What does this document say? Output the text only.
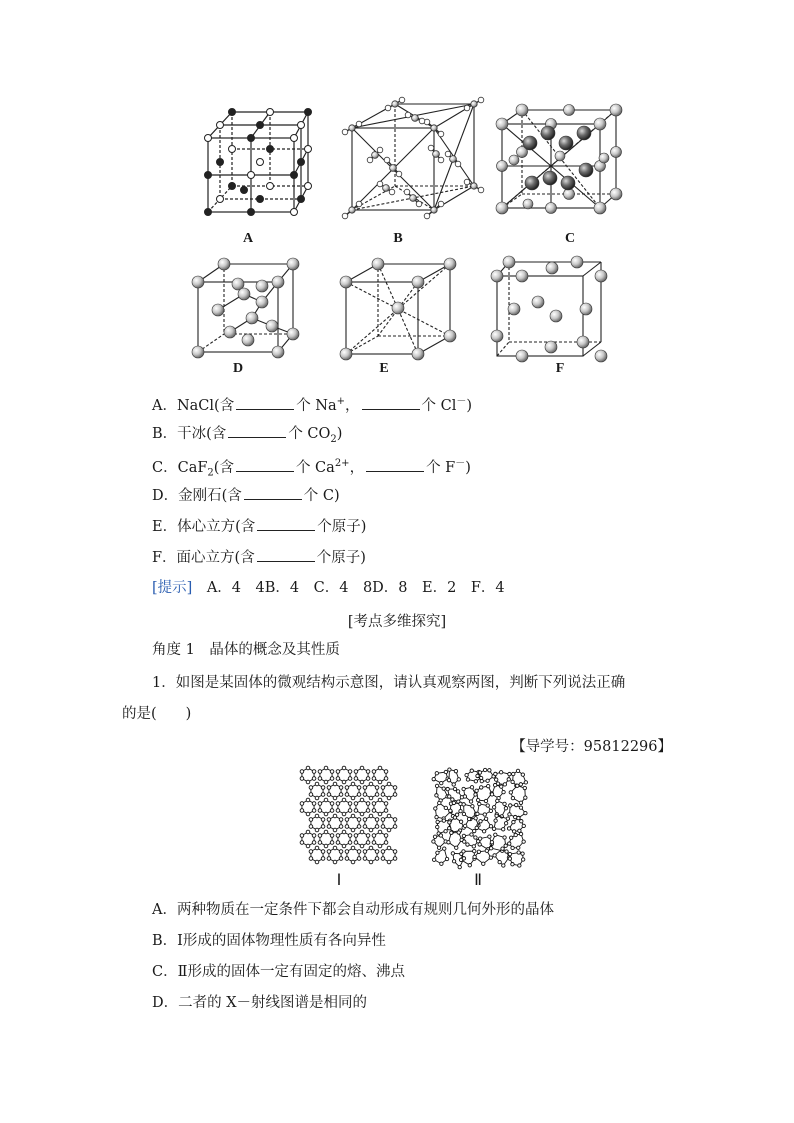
A	B	C
D	E	F
A．NaCl(含	个 Na+，	个 Cl－)
B．干冰(含	个 $CO_2$)
C．CaF$_2$(含	个 $Ca^{2+}$，	个 F－)
D．金刚石(含	个 C)
E．体心立方(含	个原子)
F．面心立方(含	个原子)
[提示]　 A．4　4B．4　C．4　8D．8　E．2　F．4
[考点多维探究]
角度 1　晶体的概念及其性质
1．如图是某固体的微观结构示意图，请认真观察两图，判断下列说法正确
的是(　　)
【导学号：95812296】
Ⅰ	Ⅱ
A．两种物质在一定条件下都会自动形成有规则几何外形的晶体
B．Ⅰ形成的固体物理性质有各向异性
C．Ⅱ形成的固体一定有固定的熔、沸点
D．二者的 X－射线图谱是相同的
